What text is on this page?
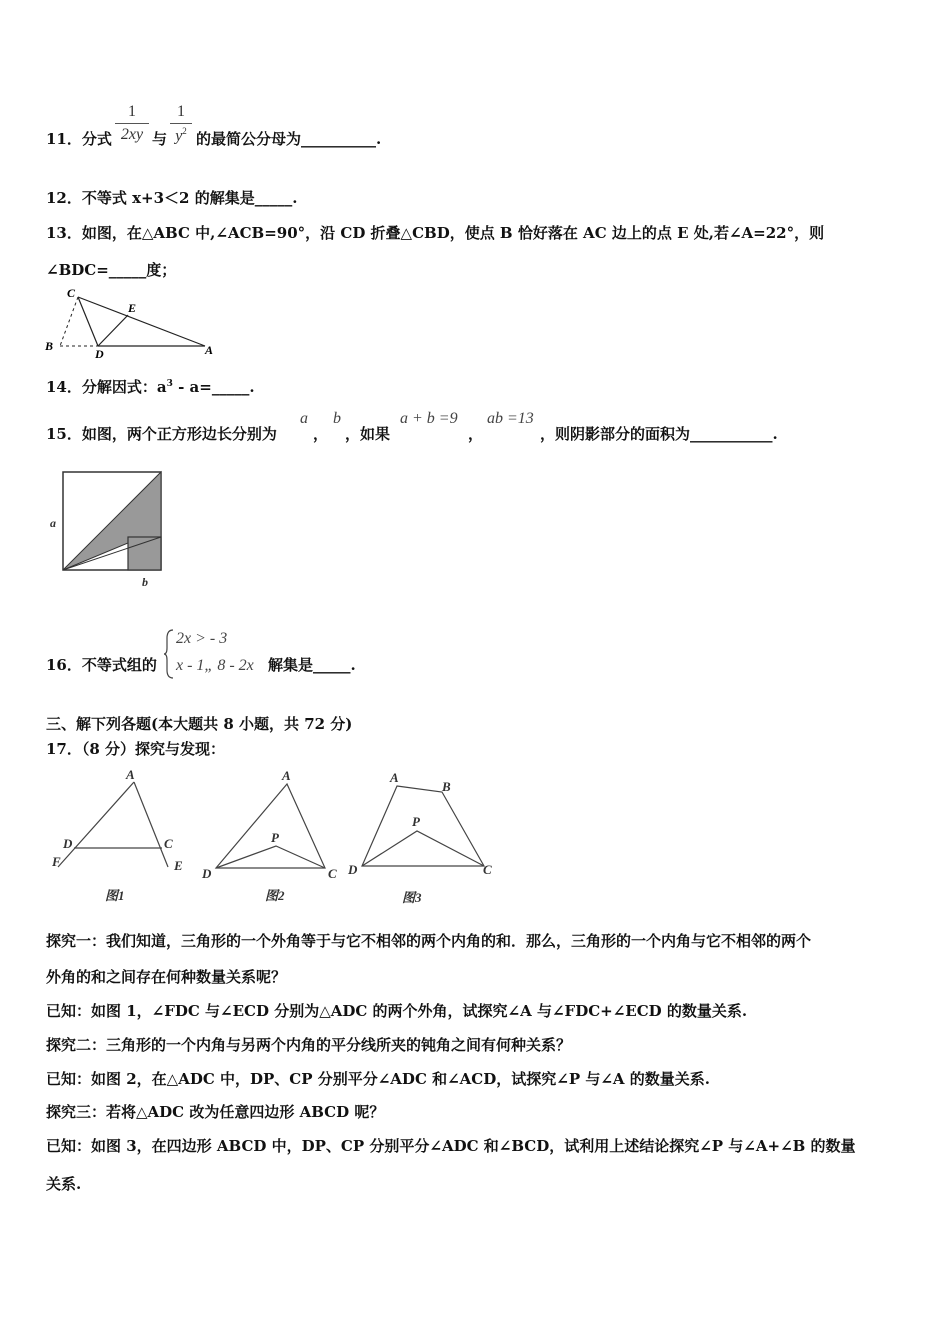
11．分式
1
2xy 与
1
$y^2$ 的最简公分母为__________.
12．不等式 x+3＜2 的解集是_____.
13．如图，在△ABC 中,∠ACB=90°，沿 CD 折叠△CBD，使点 B 恰好落在 AC 边上的点 E 处,若∠A=22°，则
∠BDC=_____度；
C
E
B
D	A
14．分解因式：$a^3$ - a=_____.
15．如图，两个正方形边长分别为
a
，
b
，如果
a + b =9
，
ab =13
，则阴影部分的面积为___________.
a
b
16．不等式组的
2x > - 3
x - 1„ 8 - 2x 解集是_____.
三、解下列各题(本大题共 8 小题，共 72 分)
17．（8 分）探究与发现：
A
D	C
F	E
图1
A
P
D	C
图2
A
B
P
D	C
图3
探究一：我们知道，三角形的一个外角等于与它不相邻的两个内角的和．那么，三角形的一个内角与它不相邻的两个
外角的和之间存在何种数量关系呢？
已知：如图 1，∠FDC 与∠ECD 分别为△ADC 的两个外角，试探究∠A 与∠FDC+∠ECD 的数量关系.
探究二：三角形的一个内角与另两个内角的平分线所夹的钝角之间有何种关系？
已知：如图 2，在△ADC 中，DP、CP 分别平分∠ADC 和∠ACD，试探究∠P 与∠A 的数量关系.
探究三：若将△ADC 改为任意四边形 ABCD 呢？
已知：如图 3，在四边形 ABCD 中，DP、CP 分别平分∠ADC 和∠BCD，试利用上述结论探究∠P 与∠A+∠B 的数量
关系.
